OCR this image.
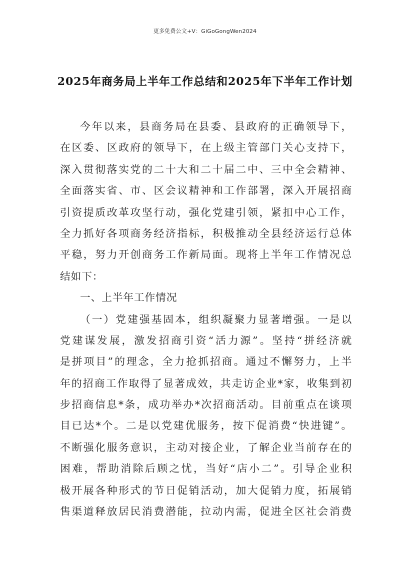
更多免费公文+V：GiGoGongWen2024
2025年商务局上半年工作总结和2025年下半年工作计划
今年以来，县商务局在县委、县政府的正确领导下，
在区委、区政府的领导下，在上级主管部门关心支持下，
深入贯彻落实党的二十大和二十届二中、三中全会精神、
全面落实省、市、区会议精神和工作部署，深入开展招商
引资提质改革攻坚行动，强化党建引领，紧扣中心工作，
全力抓好各项商务经济指标，积极推动全县经济运行总体
平稳，努力开创商务工作新局面。现将上半年工作情况总
结如下：
一、上半年工作情况
（一）党建强基固本，组织凝聚力显著增强。一是以
党建谋发展，激发招商引资“活力源”。坚持“拼经济就
是拼项目”的理念，全力抢抓招商。通过不懈努力，上半
年的招商工作取得了显著成效，共走访企业*家，收集到初
步招商信息*条，成功举办*次招商活动。目前重点在谈项
目已达*个。二是以党建优服务，按下促消费“快进键”。
不断强化服务意识，主动对接企业，了解企业当前存在的
困难，帮助消除后顾之忧，当好“店小二”。引导企业积
极开展各种形式的节日促销活动，加大促销力度，拓展销
售渠道释放居民消费潜能，拉动内需，促进全区社会消费
